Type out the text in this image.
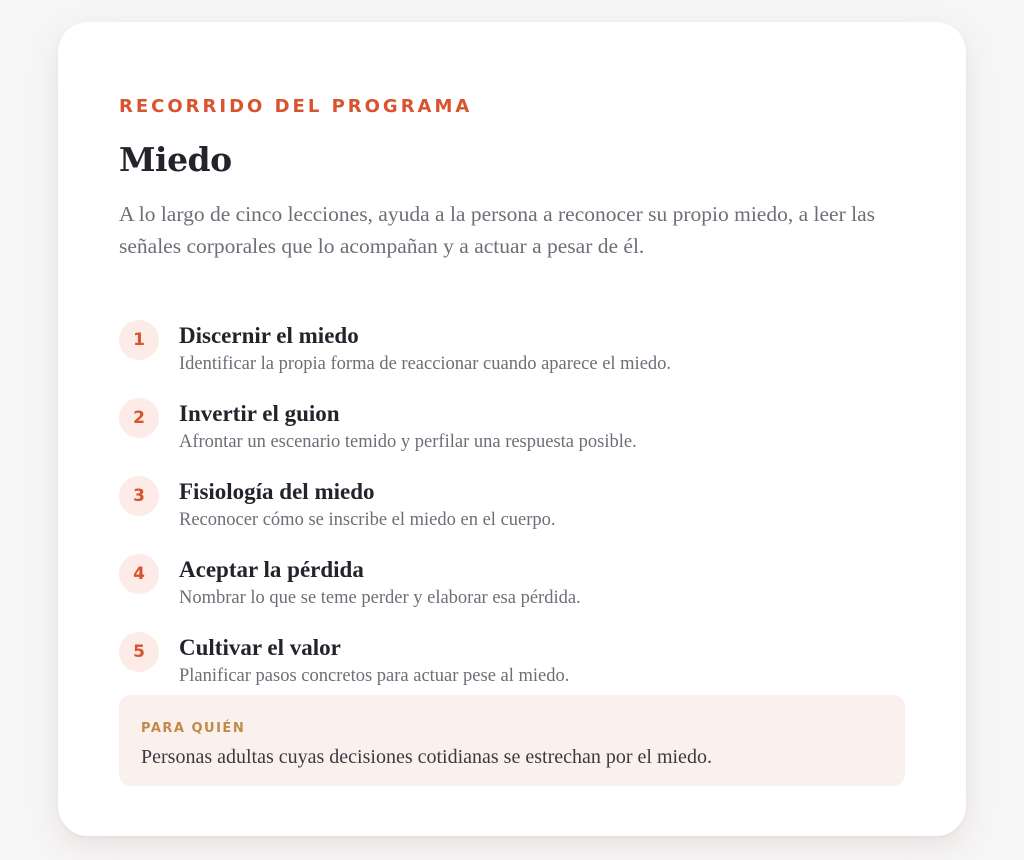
RECORRIDO DEL PROGRAMA

Miedo

A lo largo de cinco lecciones, ayuda a la persona a reconocer su propio miedo, a leer las señales corporales que lo acompañan y a actuar a pesar de él.

1	Discernir el miedo
Identificar la propia forma de reaccionar cuando aparece el miedo.
2	Invertir el guion
Afrontar un escenario temido y perfilar una respuesta posible.
3	Fisiología del miedo
Reconocer cómo se inscribe el miedo en el cuerpo.
4	Aceptar la pérdida
Nombrar lo que se teme perder y elaborar esa pérdida.
5	Cultivar el valor
Planificar pasos concretos para actuar pese al miedo.
PARA QUIÉN
Personas adultas cuyas decisiones cotidianas se estrechan por el miedo.
